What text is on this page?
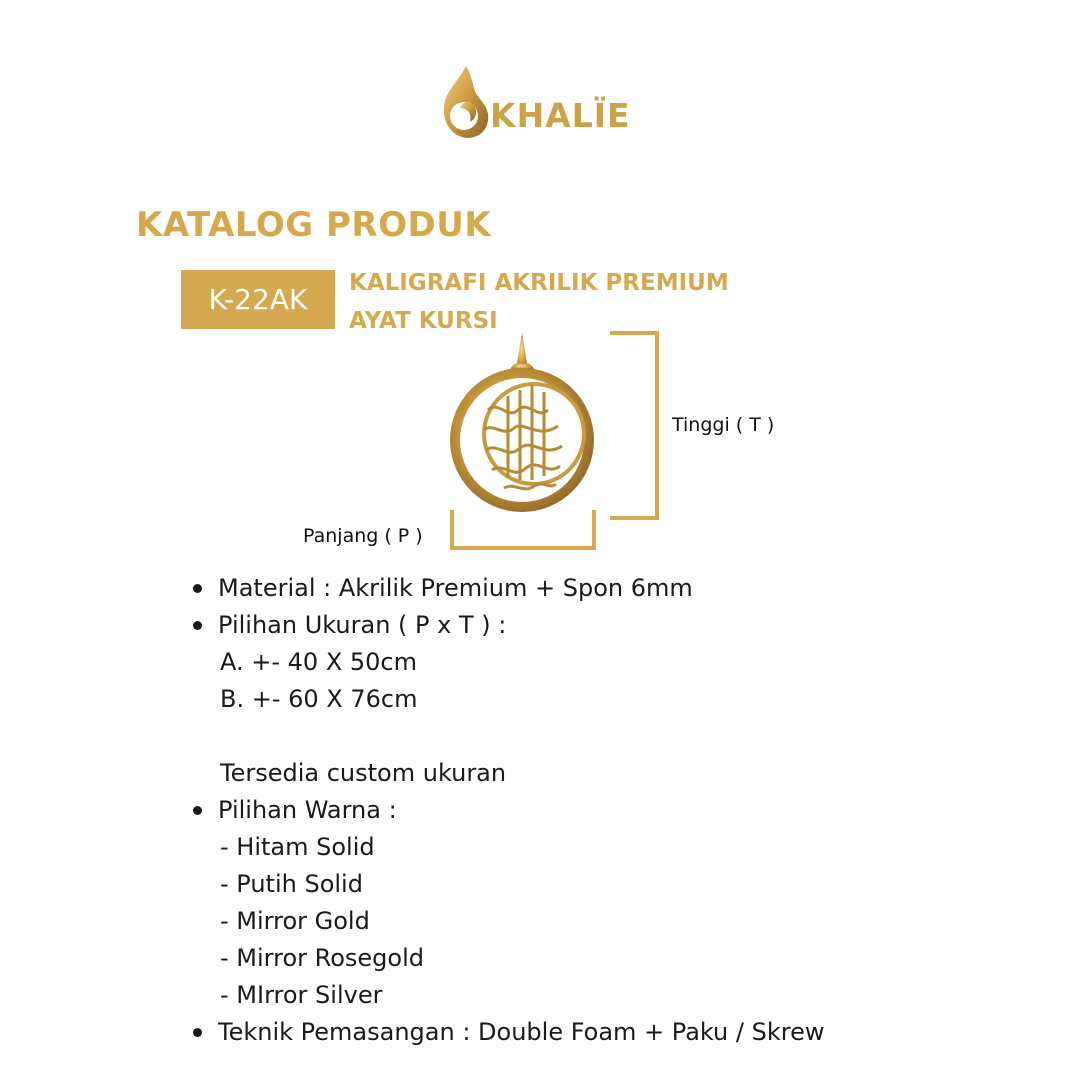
KHALÏE
KATALOG PRODUK
K-22AK KALIGRAFI AKRILIK PREMIUM
AYAT KURSI
Tinggi ( T )
Panjang ( P )
Material : Akrilik Premium + Spon 6mm
Pilihan Ukuran ( P x T ) :
A. +- 40 X 50cm
B. +- 60 X 76cm
Tersedia custom ukuran
Pilihan Warna :
- Hitam Solid
- Putih Solid
- Mirror Gold
- Mirror Rosegold
- MIrror Silver
Teknik Pemasangan : Double Foam + Paku / Skrew
